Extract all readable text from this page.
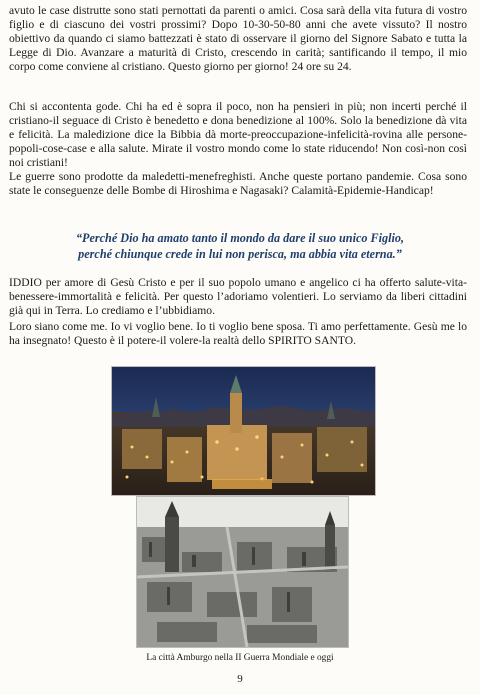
avuto le case distrutte sono stati pernottati da parenti o amici. Cosa sarà della vita futura di vostro figlio e di ciascuno dei vostri prossimi? Dopo 10-30-50-80 anni che avete vissuto? Il nostro obiettivo da quando ci siamo battezzati è stato di osservare il giorno del Signore Sabato e tutta la Legge di Dio. Avanzare a maturità di Cristo, crescendo in carità; santificando il tempo, il mio corpo come conviene al cristiano. Questo giorno per giorno! 24 ore su 24.

Chi si accontenta gode. Chi ha ed è sopra il poco, non ha pensieri in più; non incerti perché il cristiano-il seguace di Cristo è benedetto e dona benedizione al 100%. Solo la benedizione dà vita e felicità. La maledizione dice la Bibbia dà morte-preoccupazione-infelicità-rovina alle persone-popoli-cose-case e alla salute. Mirate il vostro mondo come lo state riducendo! Non così-non così noi cristiani!

Le guerre sono prodotte da maledetti-menefreghisti. Anche queste portano pandemie. Cosa sono state le conseguenze delle Bombe di Hiroshima e Nagasaki? Calamità-Epidemie-Handicap!

“Perché Dio ha amato tanto il mondo da dare il suo unico Figlio,
perché chiunque crede in lui non perisca, ma abbia vita eterna.”

IDDIO per amore di Gesù Cristo e per il suo popolo umano e angelico ci ha offerto salute-vita-benessere-immortalità e felicità. Per questo l’adoriamo volentieri. Lo serviamo da liberi cittadini già qui in Terra. Lo crediamo e l’ubbidiamo.

Loro siano come me. Io vi voglio bene. Io ti voglio bene sposa. Ti amo perfettamente. Gesù me lo ha insegnato! Questo è il potere-il volere-la realtà dello SPIRITO SANTO.

La città Amburgo nella II Guerra Mondiale e oggi

9
